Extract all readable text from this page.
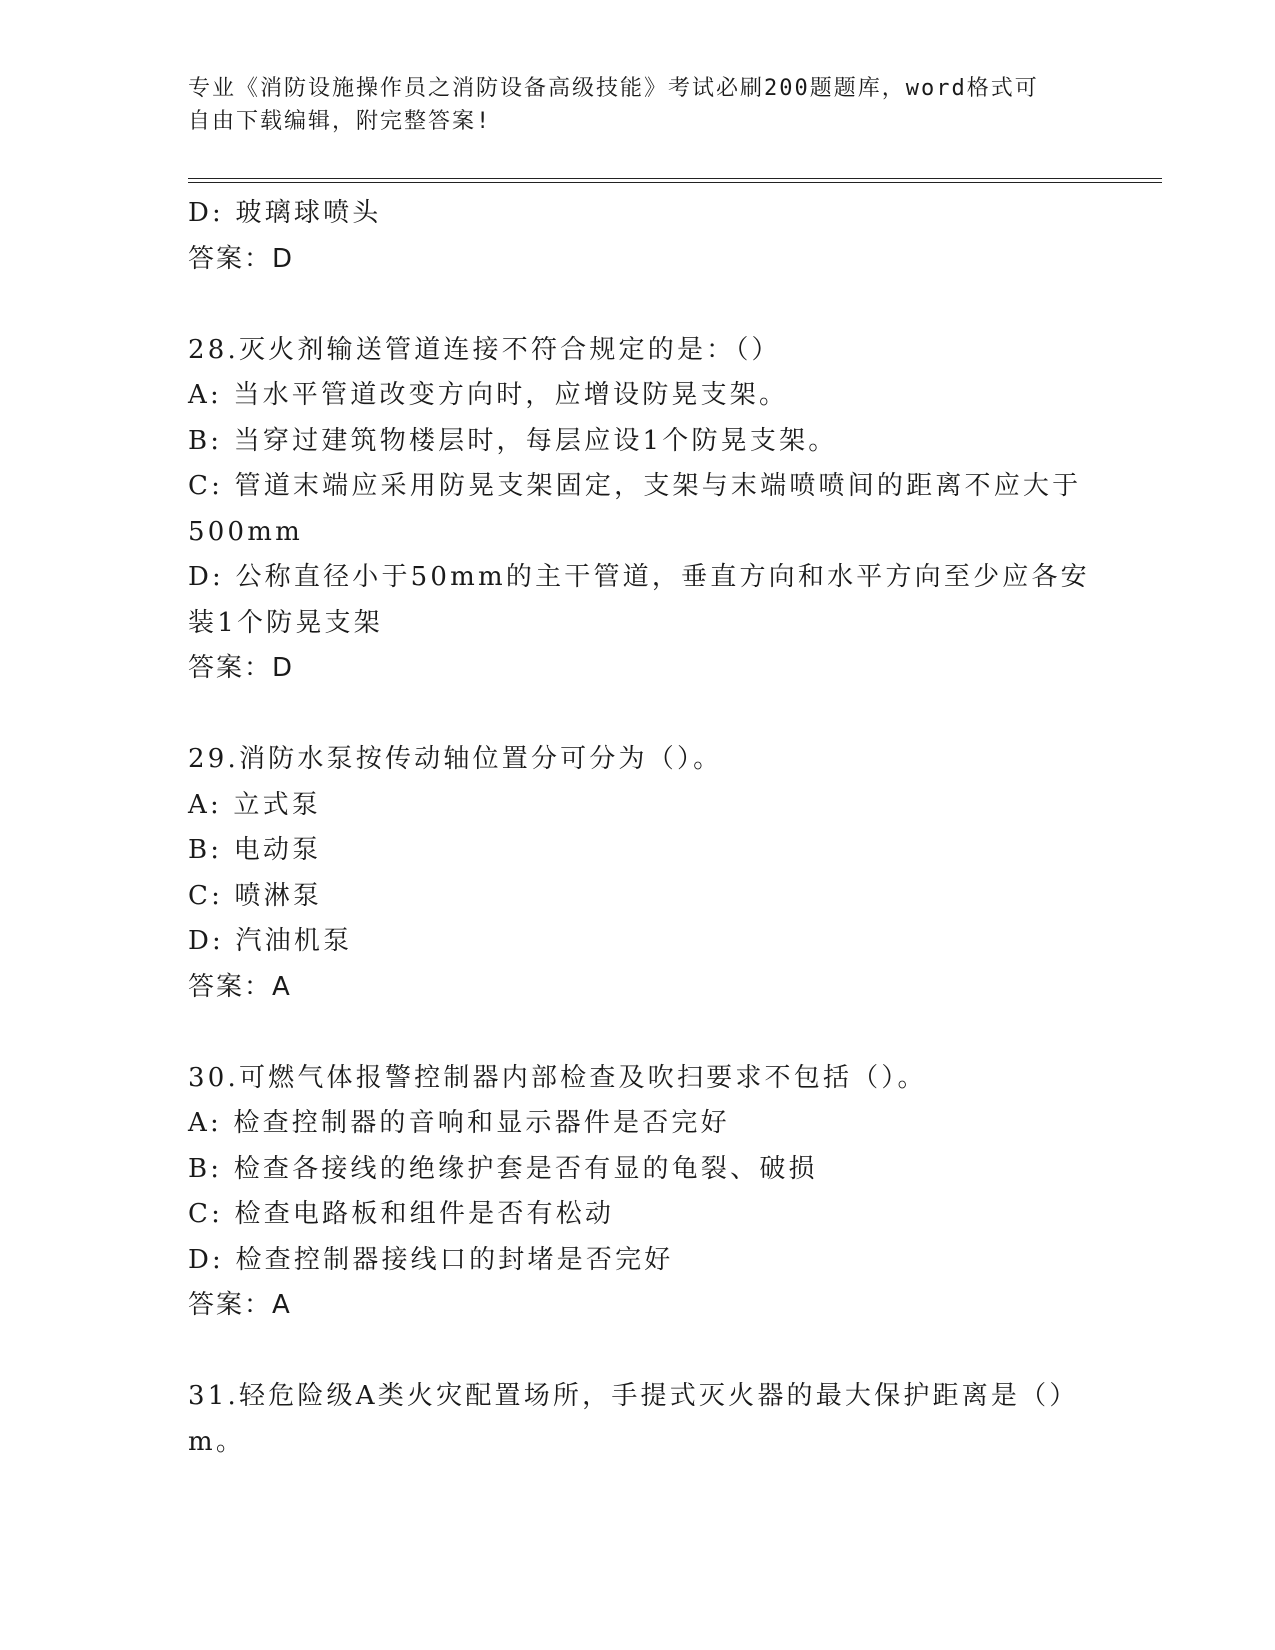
专业《消防设施操作员之消防设备高级技能》考试必刷200题题库，word格式可
自由下载编辑，附完整答案!
D: 玻璃球喷头
答案：D
28.灭火剂输送管道连接不符合规定的是：（）
A: 当水平管道改变方向时，应增设防晃支架。
B: 当穿过建筑物楼层时，每层应设1个防晃支架。
C: 管道末端应采用防晃支架固定，支架与末端喷喷间的距离不应大于
500mm
D: 公称直径小于50mm的主干管道，垂直方向和水平方向至少应各安
装1个防晃支架
答案：D
29.消防水泵按传动轴位置分可分为（）。
A: 立式泵
B: 电动泵
C: 喷淋泵
D: 汽油机泵
答案：A
30.可燃气体报警控制器内部检查及吹扫要求不包括（）。
A: 检查控制器的音响和显示器件是否完好
B: 检查各接线的绝缘护套是否有显的龟裂、破损
C: 检查电路板和组件是否有松动
D: 检查控制器接线口的封堵是否完好
答案：A
31.轻危险级A类火灾配置场所，手提式灭火器的最大保护距离是（）
m。
